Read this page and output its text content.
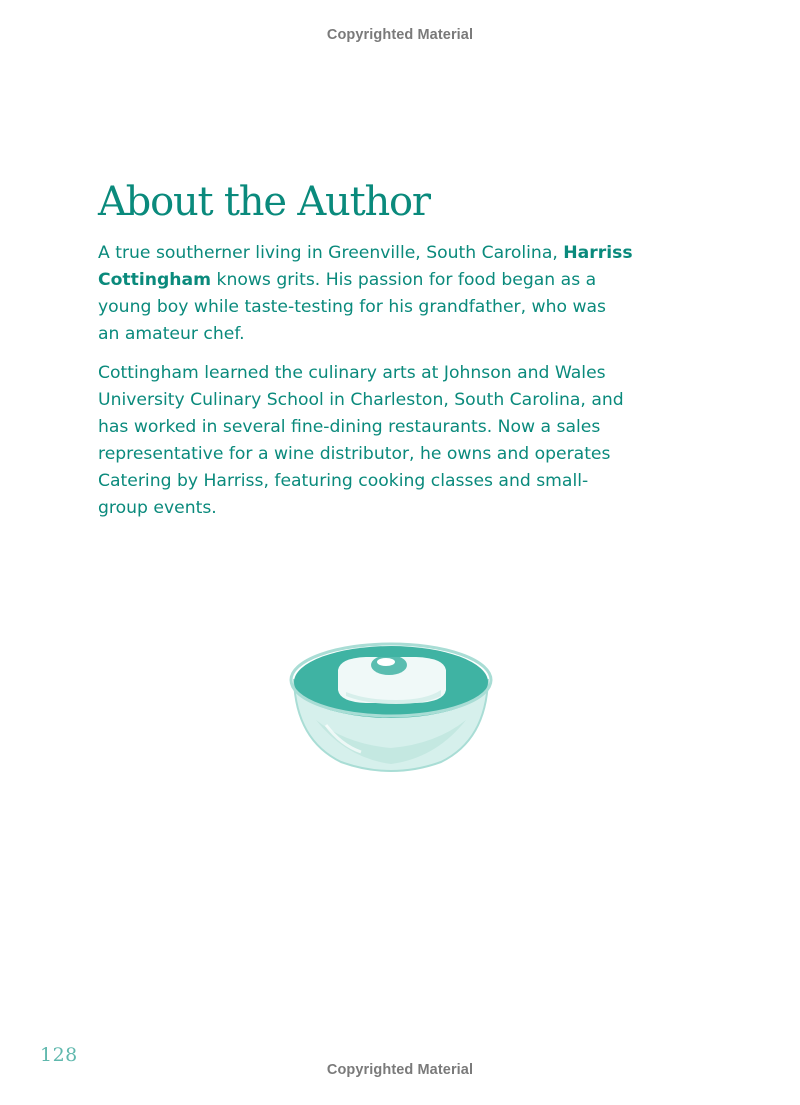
Copyrighted Material
About the Author

A true southerner living in Greenville, South Carolina, Harriss
Cottingham knows grits. His passion for food began as a
young boy while taste-testing for his grandfather, who was
an amateur chef.

Cottingham learned the culinary arts at Johnson and Wales
University Culinary School in Charleston, South Carolina, and
has worked in several fine-dining restaurants. Now a sales
representative for a wine distributor, he owns and operates
Catering by Harriss, featuring cooking classes and small-
group events.

128
Copyrighted Material
